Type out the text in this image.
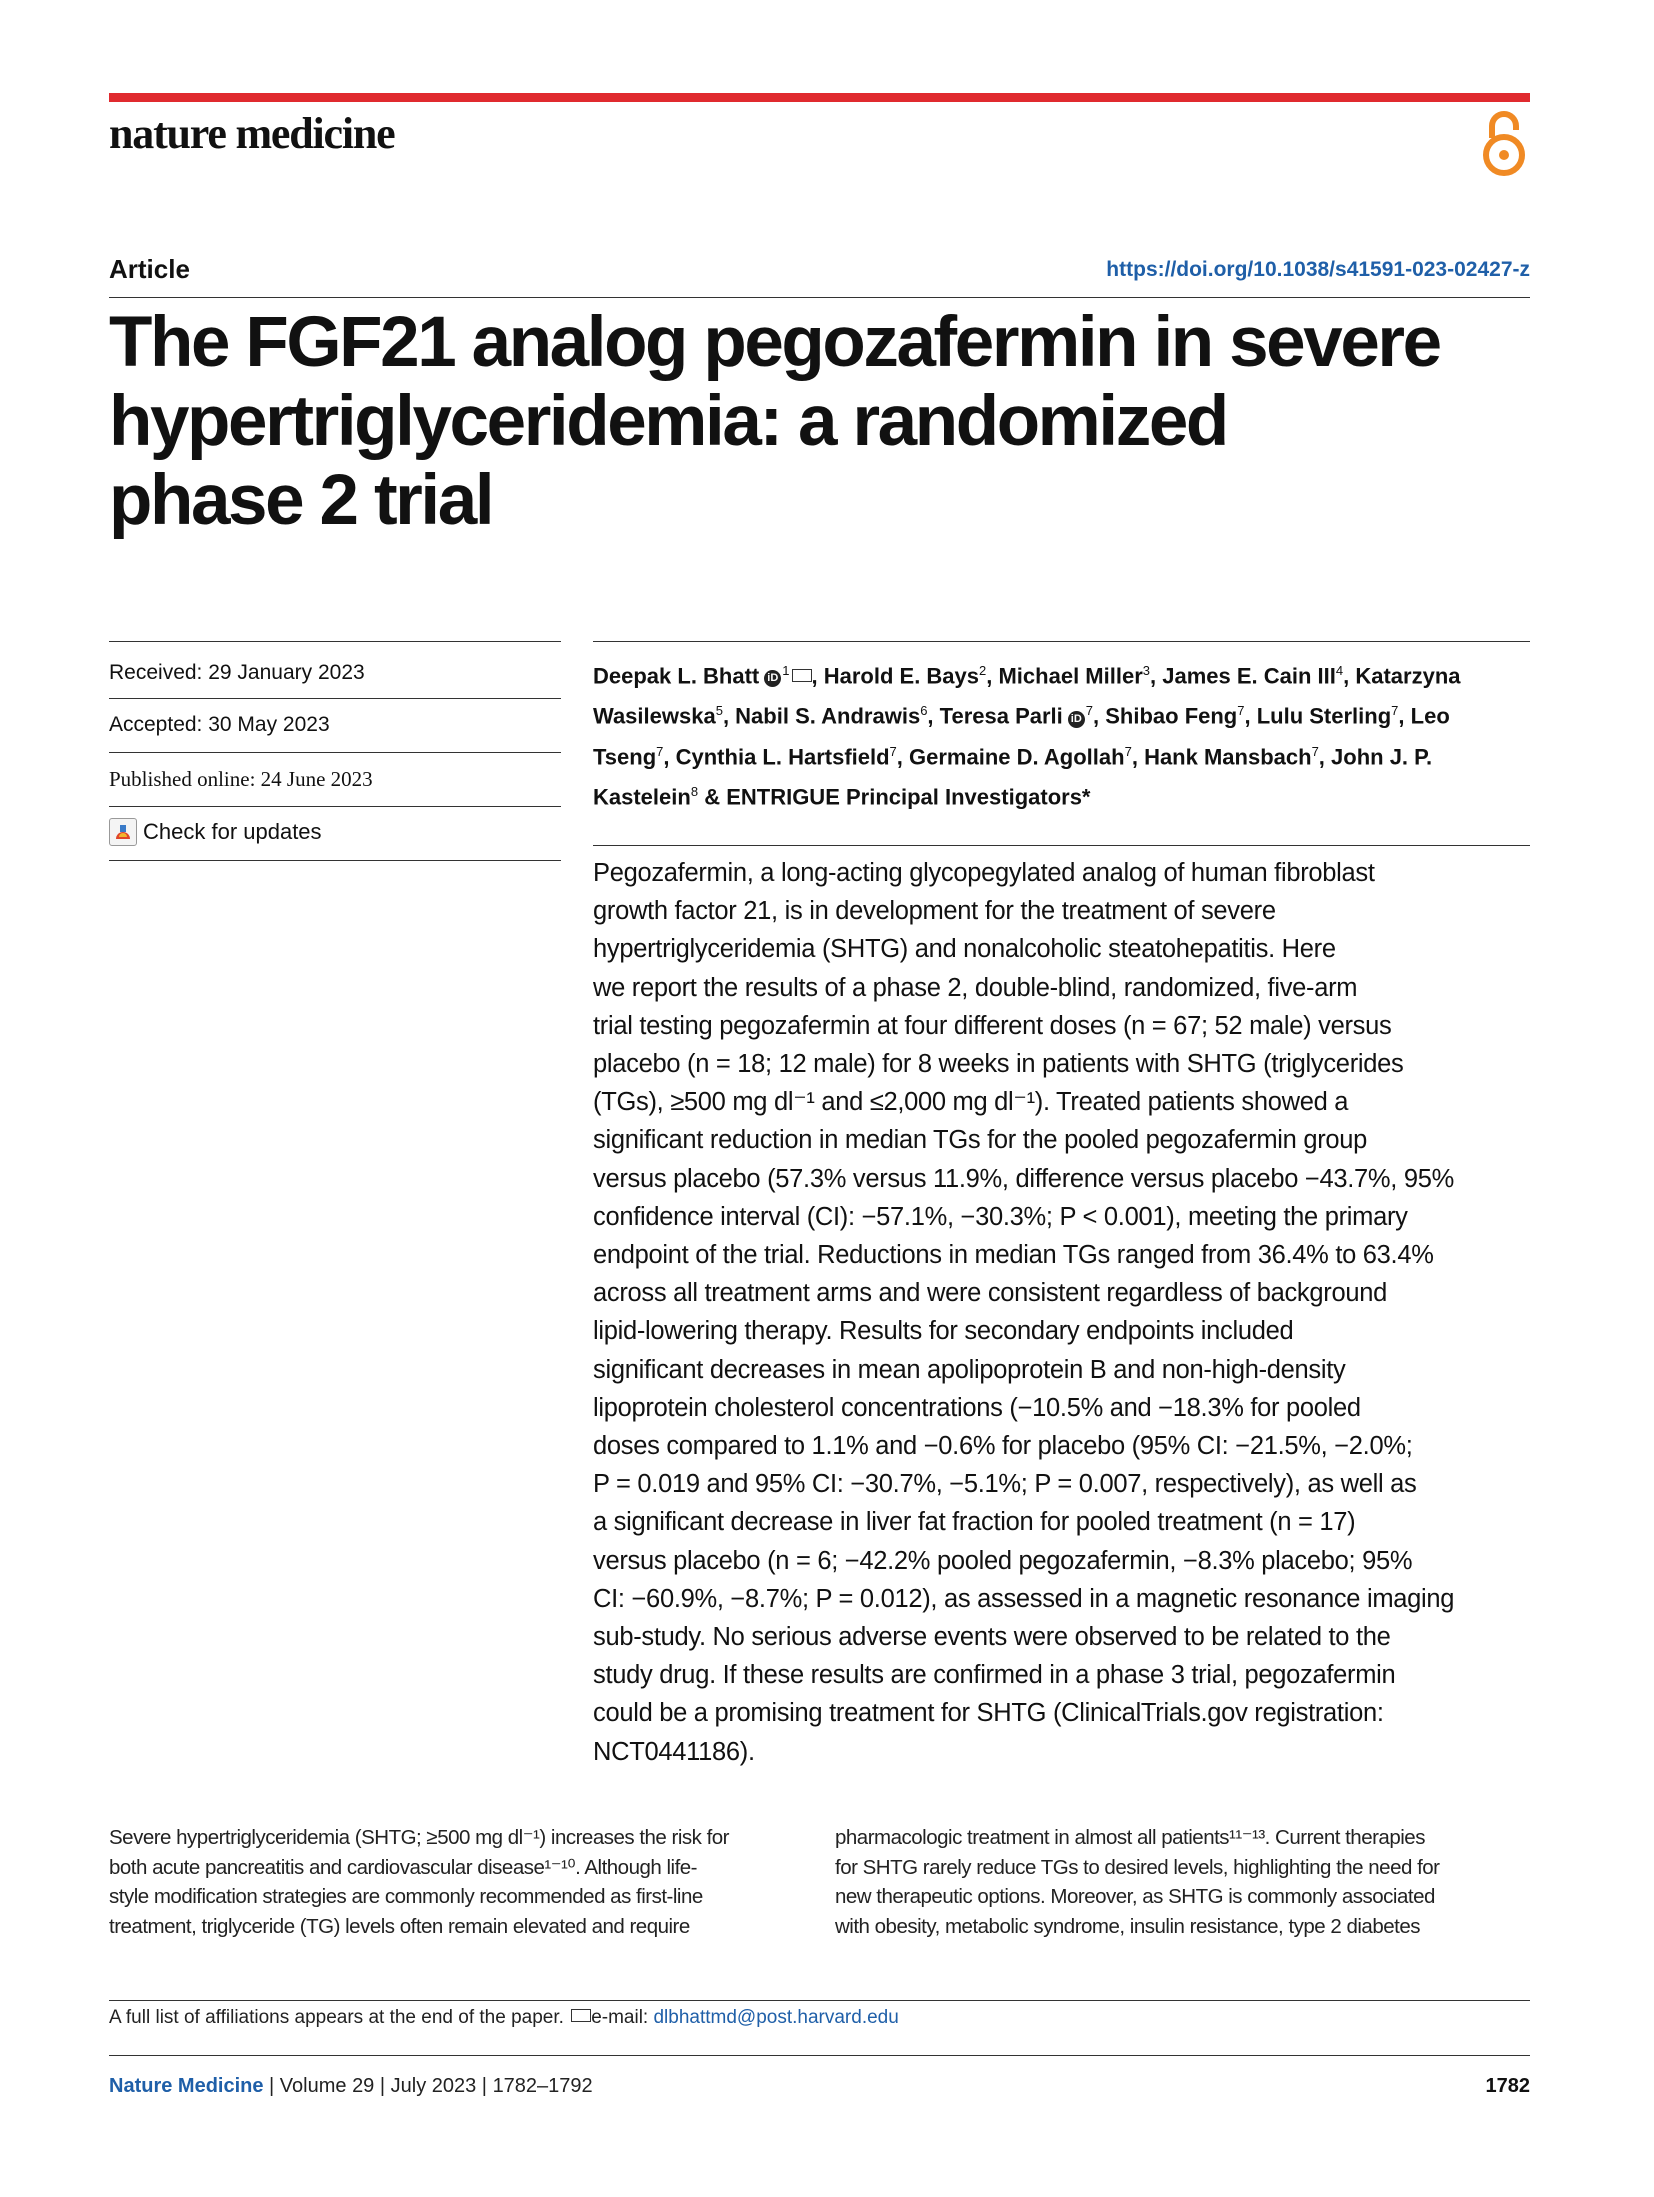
nature medicine
Article	https://doi.org/10.1038/s41591-023-02427-z
The FGF21 analog pegozafermin in severe
hypertriglyceridemia: a randomized
phase 2 trial
Received: 29 January 2023
Accepted: 30 May 2023
Published online: 24 June 2023
Check for updates

Deepak L. Bhatt $iD^1$ , Harold E. Bays$^2$, Michael Miller$^3$, James E. Cain III$^4$, Katarzyna Wasilewska$^5$, Nabil S. Andrawis$^6$, Teresa Parli $iD^7$, Shibao Feng$^7$, Lulu Sterling$^7$, Leo Tseng$^7$, Cynthia L. Hartsfield$^7$, Germaine D. Agollah$^7$, Hank Mansbach$^7$, John J. P. Kastelein$^8$ & ENTRIGUE Principal Investigators*

Pegozafermin, a long-acting glycopegylated analog of human fibroblast
growth factor 21, is in development for the treatment of severe
hypertriglyceridemia (SHTG) and nonalcoholic steatohepatitis. Here
we report the results of a phase 2, double-blind, randomized, five-arm
trial testing pegozafermin at four different doses (n = 67; 52 male) versus
placebo (n = 18; 12 male) for 8 weeks in patients with SHTG (triglycerides
(TGs), ≥500 mg dl⁻¹ and ≤2,000 mg dl⁻¹). Treated patients showed a
significant reduction in median TGs for the pooled pegozafermin group
versus placebo (57.3% versus 11.9%, difference versus placebo −43.7%, 95%
confidence interval (CI): −57.1%, −30.3%; P < 0.001), meeting the primary
endpoint of the trial. Reductions in median TGs ranged from 36.4% to 63.4%
across all treatment arms and were consistent regardless of background
lipid-lowering therapy. Results for secondary endpoints included
significant decreases in mean apolipoprotein B and non-high-density
lipoprotein cholesterol concentrations (−10.5% and −18.3% for pooled
doses compared to 1.1% and −0.6% for placebo (95% CI: −21.5%, −2.0%;
P = 0.019 and 95% CI: −30.7%, −5.1%; P = 0.007, respectively), as well as
a significant decrease in liver fat fraction for pooled treatment (n = 17)
versus placebo (n = 6; −42.2% pooled pegozafermin, −8.3% placebo; 95%
CI: −60.9%, −8.7%; P = 0.012), as assessed in a magnetic resonance imaging
sub-study. No serious adverse events were observed to be related to the
study drug. If these results are confirmed in a phase 3 trial, pegozafermin
could be a promising treatment for SHTG (ClinicalTrials.gov registration:
NCT0441186).

Severe hypertriglyceridemia (SHTG; ≥500 mg dl⁻¹) increases the risk for
both acute pancreatitis and cardiovascular disease¹⁻¹⁰. Although life-
style modification strategies are commonly recommended as first-line
treatment, triglyceride (TG) levels often remain elevated and require

pharmacologic treatment in almost all patients¹¹⁻¹³. Current therapies
for SHTG rarely reduce TGs to desired levels, highlighting the need for
new therapeutic options. Moreover, as SHTG is commonly associated
with obesity, metabolic syndrome, insulin resistance, type 2 diabetes

A full list of affiliations appears at the end of the paper. e-mail: dlbhattmd@post.harvard.edu
Nature Medicine | Volume 29 | July 2023 | 1782–1792	1782
